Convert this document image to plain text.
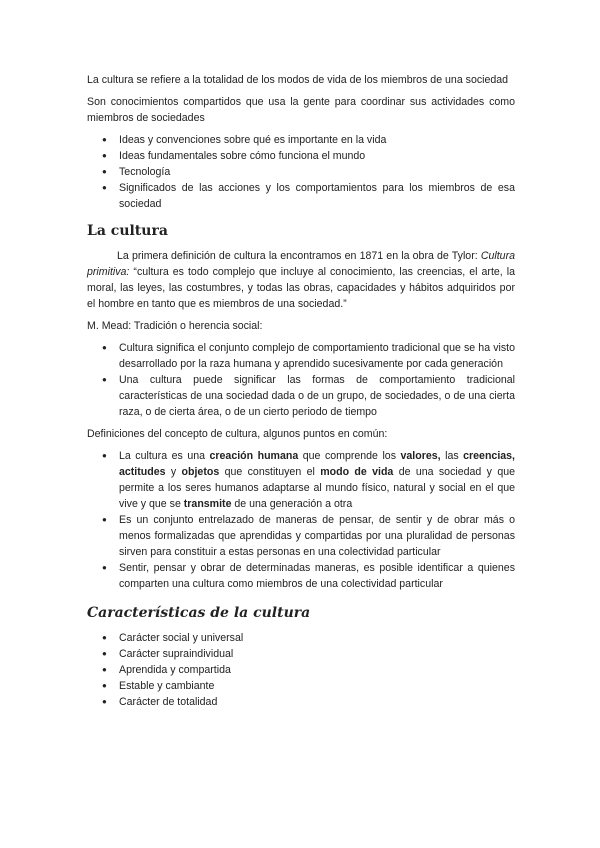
La cultura se refiere a la totalidad de los modos de vida de los miembros de una sociedad

Son conocimientos compartidos que usa la gente para coordinar sus actividades como miembros de sociedades

● Ideas y convenciones sobre qué es importante en la vida
● Ideas fundamentales sobre cómo funciona el mundo
● Tecnología
● Significados de las acciones y los comportamientos para los miembros de esa sociedad
La cultura

La primera definición de cultura la encontramos en 1871 en la obra de Tylor: Cultura primitiva: “cultura es todo complejo que incluye al conocimiento, las creencias, el arte, la moral, las leyes, las costumbres, y todas las obras, capacidades y hábitos adquiridos por el hombre en tanto que es miembros de una sociedad.”

M. Mead: Tradición o herencia social:

● Cultura significa el conjunto complejo de comportamiento tradicional que se ha visto desarrollado por la raza humana y aprendido sucesivamente por cada generación
● Una cultura puede significar las formas de comportamiento tradicional características de una sociedad dada o de un grupo, de sociedades, o de una cierta raza, o de cierta área, o de un cierto periodo de tiempo

Definiciones del concepto de cultura, algunos puntos en común:

● La cultura es una creación humana que comprende los valores, las creencias, actitudes y objetos que constituyen el modo de vida de una sociedad y que permite a los seres humanos adaptarse al mundo físico, natural y social en el que vive y que se transmite de una generación a otra
● Es un conjunto entrelazado de maneras de pensar, de sentir y de obrar más o menos formalizadas que aprendidas y compartidas por una pluralidad de personas sirven para constituir a estas personas en una colectividad particular
● Sentir, pensar y obrar de determinadas maneras, es posible identificar a quienes comparten una cultura como miembros de una colectividad particular
Características de la cultura
● Carácter social y universal
● Carácter supraindividual
● Aprendida y compartida
● Estable y cambiante
● Carácter de totalidad
